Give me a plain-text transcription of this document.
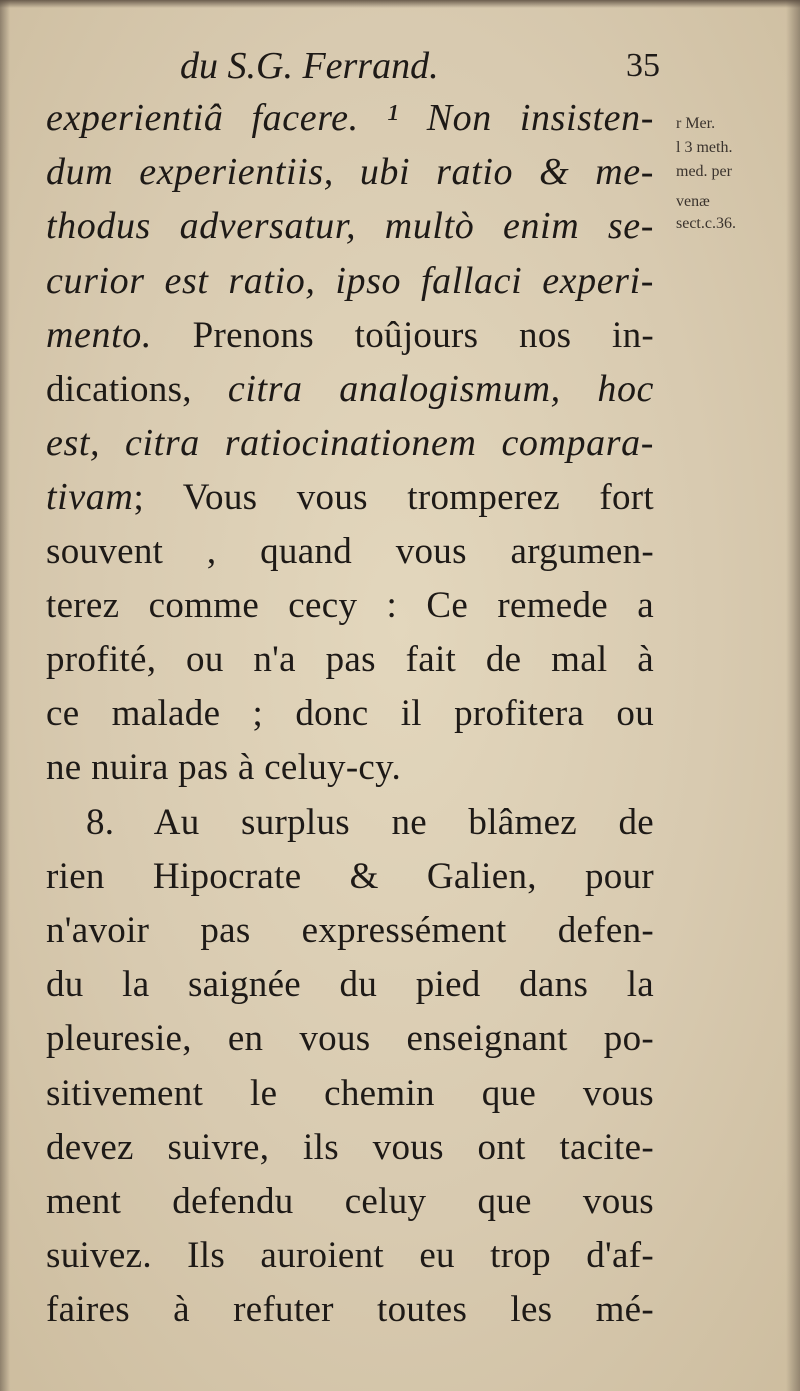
du S.G. Ferrand.	35
r Mer.
l 3 meth.
med. per
venæ
sect.c.36.
experientiâ facere. ¹ Non insisten-
dum experientiis, ubi ratio & me-
thodus adversatur, multò enim se-
curior est ratio, ipso fallaci experi-
mento. Prenons toûjours nos in-
dications, citra analogismum, hoc
est, citra ratiocinationem compara-
tivam; Vous vous tromperez fort
souvent , quand vous argumen-
terez comme cecy : Ce remede a
profité, ou n'a pas fait de mal à
ce malade ; donc il profitera ou
ne nuira pas à celuy-cy.
8. Au surplus ne blâmez de
rien Hipocrate & Galien, pour
n'avoir pas expressément defen-
du la saignée du pied dans la
pleuresie, en vous enseignant po-
sitivement le chemin que vous
devez suivre, ils vous ont tacite-
ment defendu celuy que vous
suivez. Ils auroient eu trop d'af-
faires à refuter toutes les mé-
